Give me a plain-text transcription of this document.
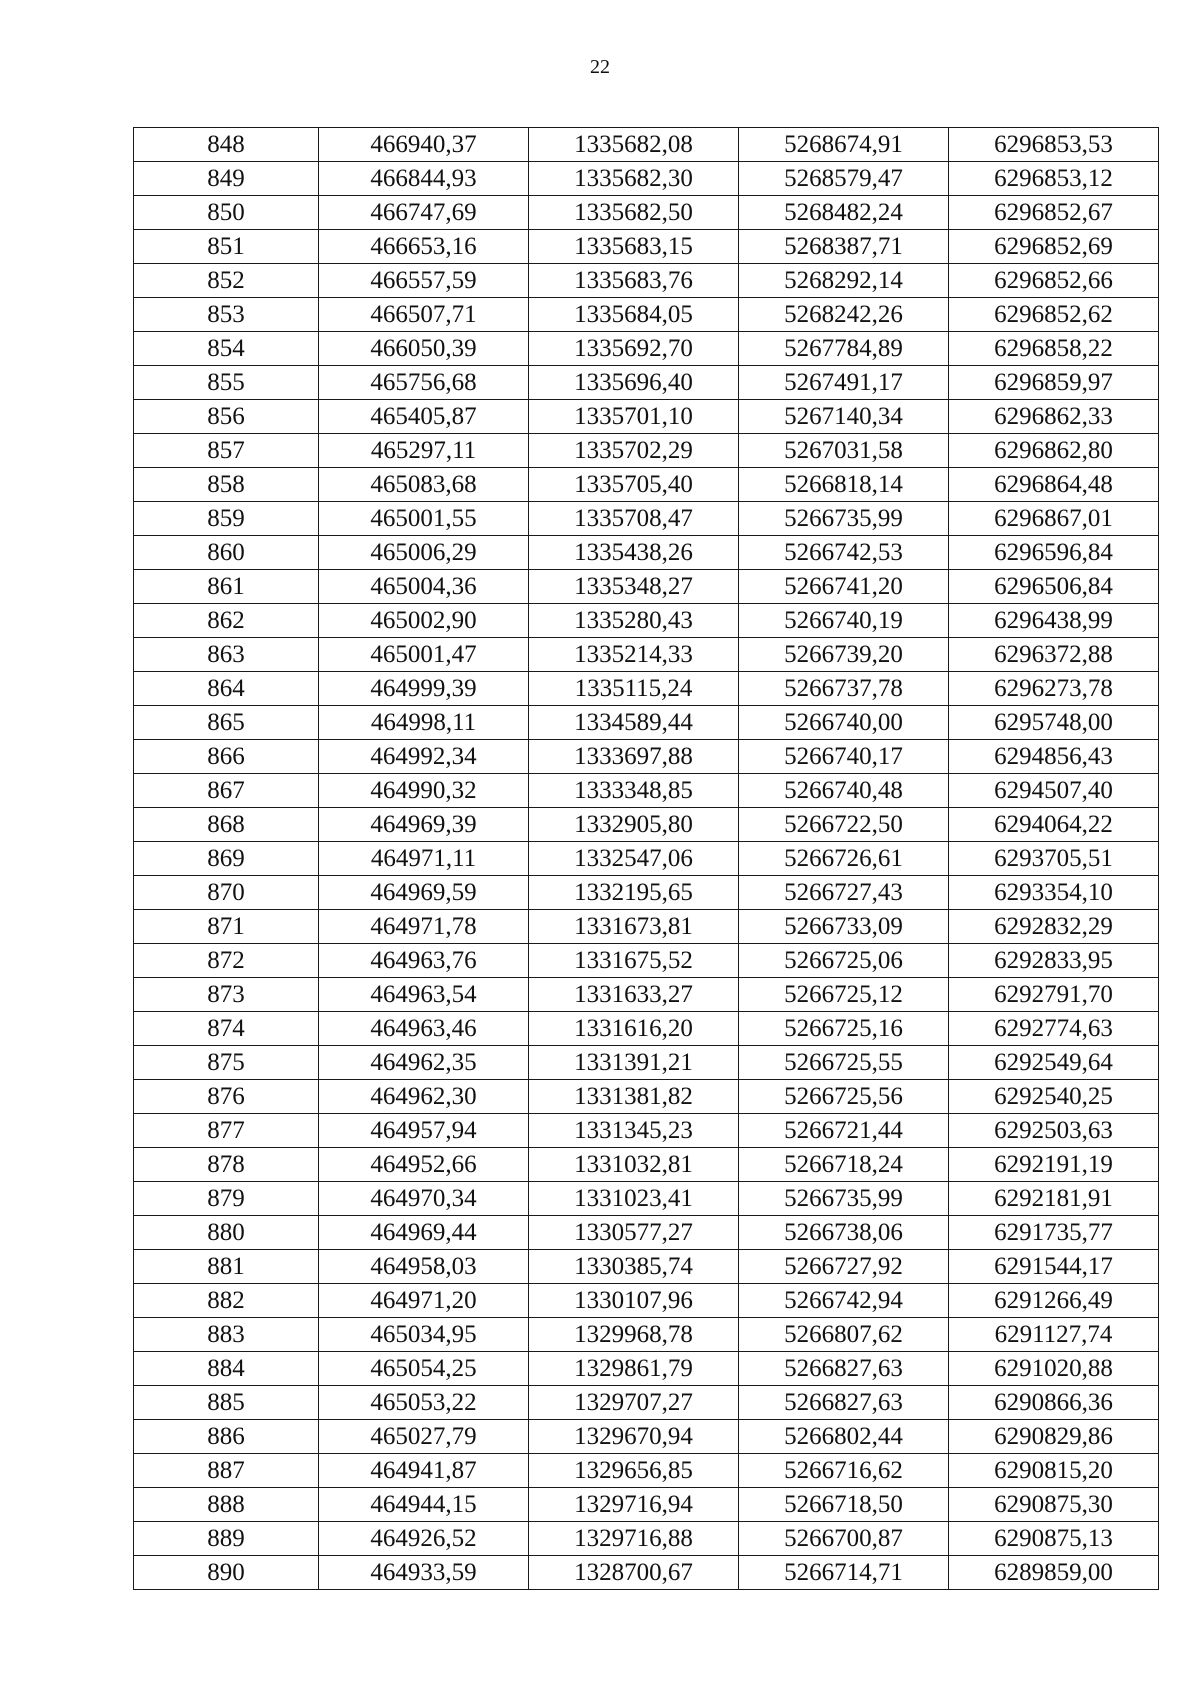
22
848	466940,37	1335682,08	5268674,91	6296853,53
849	466844,93	1335682,30	5268579,47	6296853,12
850	466747,69	1335682,50	5268482,24	6296852,67
851	466653,16	1335683,15	5268387,71	6296852,69
852	466557,59	1335683,76	5268292,14	6296852,66
853	466507,71	1335684,05	5268242,26	6296852,62
854	466050,39	1335692,70	5267784,89	6296858,22
855	465756,68	1335696,40	5267491,17	6296859,97
856	465405,87	1335701,10	5267140,34	6296862,33
857	465297,11	1335702,29	5267031,58	6296862,80
858	465083,68	1335705,40	5266818,14	6296864,48
859	465001,55	1335708,47	5266735,99	6296867,01
860	465006,29	1335438,26	5266742,53	6296596,84
861	465004,36	1335348,27	5266741,20	6296506,84
862	465002,90	1335280,43	5266740,19	6296438,99
863	465001,47	1335214,33	5266739,20	6296372,88
864	464999,39	1335115,24	5266737,78	6296273,78
865	464998,11	1334589,44	5266740,00	6295748,00
866	464992,34	1333697,88	5266740,17	6294856,43
867	464990,32	1333348,85	5266740,48	6294507,40
868	464969,39	1332905,80	5266722,50	6294064,22
869	464971,11	1332547,06	5266726,61	6293705,51
870	464969,59	1332195,65	5266727,43	6293354,10
871	464971,78	1331673,81	5266733,09	6292832,29
872	464963,76	1331675,52	5266725,06	6292833,95
873	464963,54	1331633,27	5266725,12	6292791,70
874	464963,46	1331616,20	5266725,16	6292774,63
875	464962,35	1331391,21	5266725,55	6292549,64
876	464962,30	1331381,82	5266725,56	6292540,25
877	464957,94	1331345,23	5266721,44	6292503,63
878	464952,66	1331032,81	5266718,24	6292191,19
879	464970,34	1331023,41	5266735,99	6292181,91
880	464969,44	1330577,27	5266738,06	6291735,77
881	464958,03	1330385,74	5266727,92	6291544,17
882	464971,20	1330107,96	5266742,94	6291266,49
883	465034,95	1329968,78	5266807,62	6291127,74
884	465054,25	1329861,79	5266827,63	6291020,88
885	465053,22	1329707,27	5266827,63	6290866,36
886	465027,79	1329670,94	5266802,44	6290829,86
887	464941,87	1329656,85	5266716,62	6290815,20
888	464944,15	1329716,94	5266718,50	6290875,30
889	464926,52	1329716,88	5266700,87	6290875,13
890	464933,59	1328700,67	5266714,71	6289859,00
